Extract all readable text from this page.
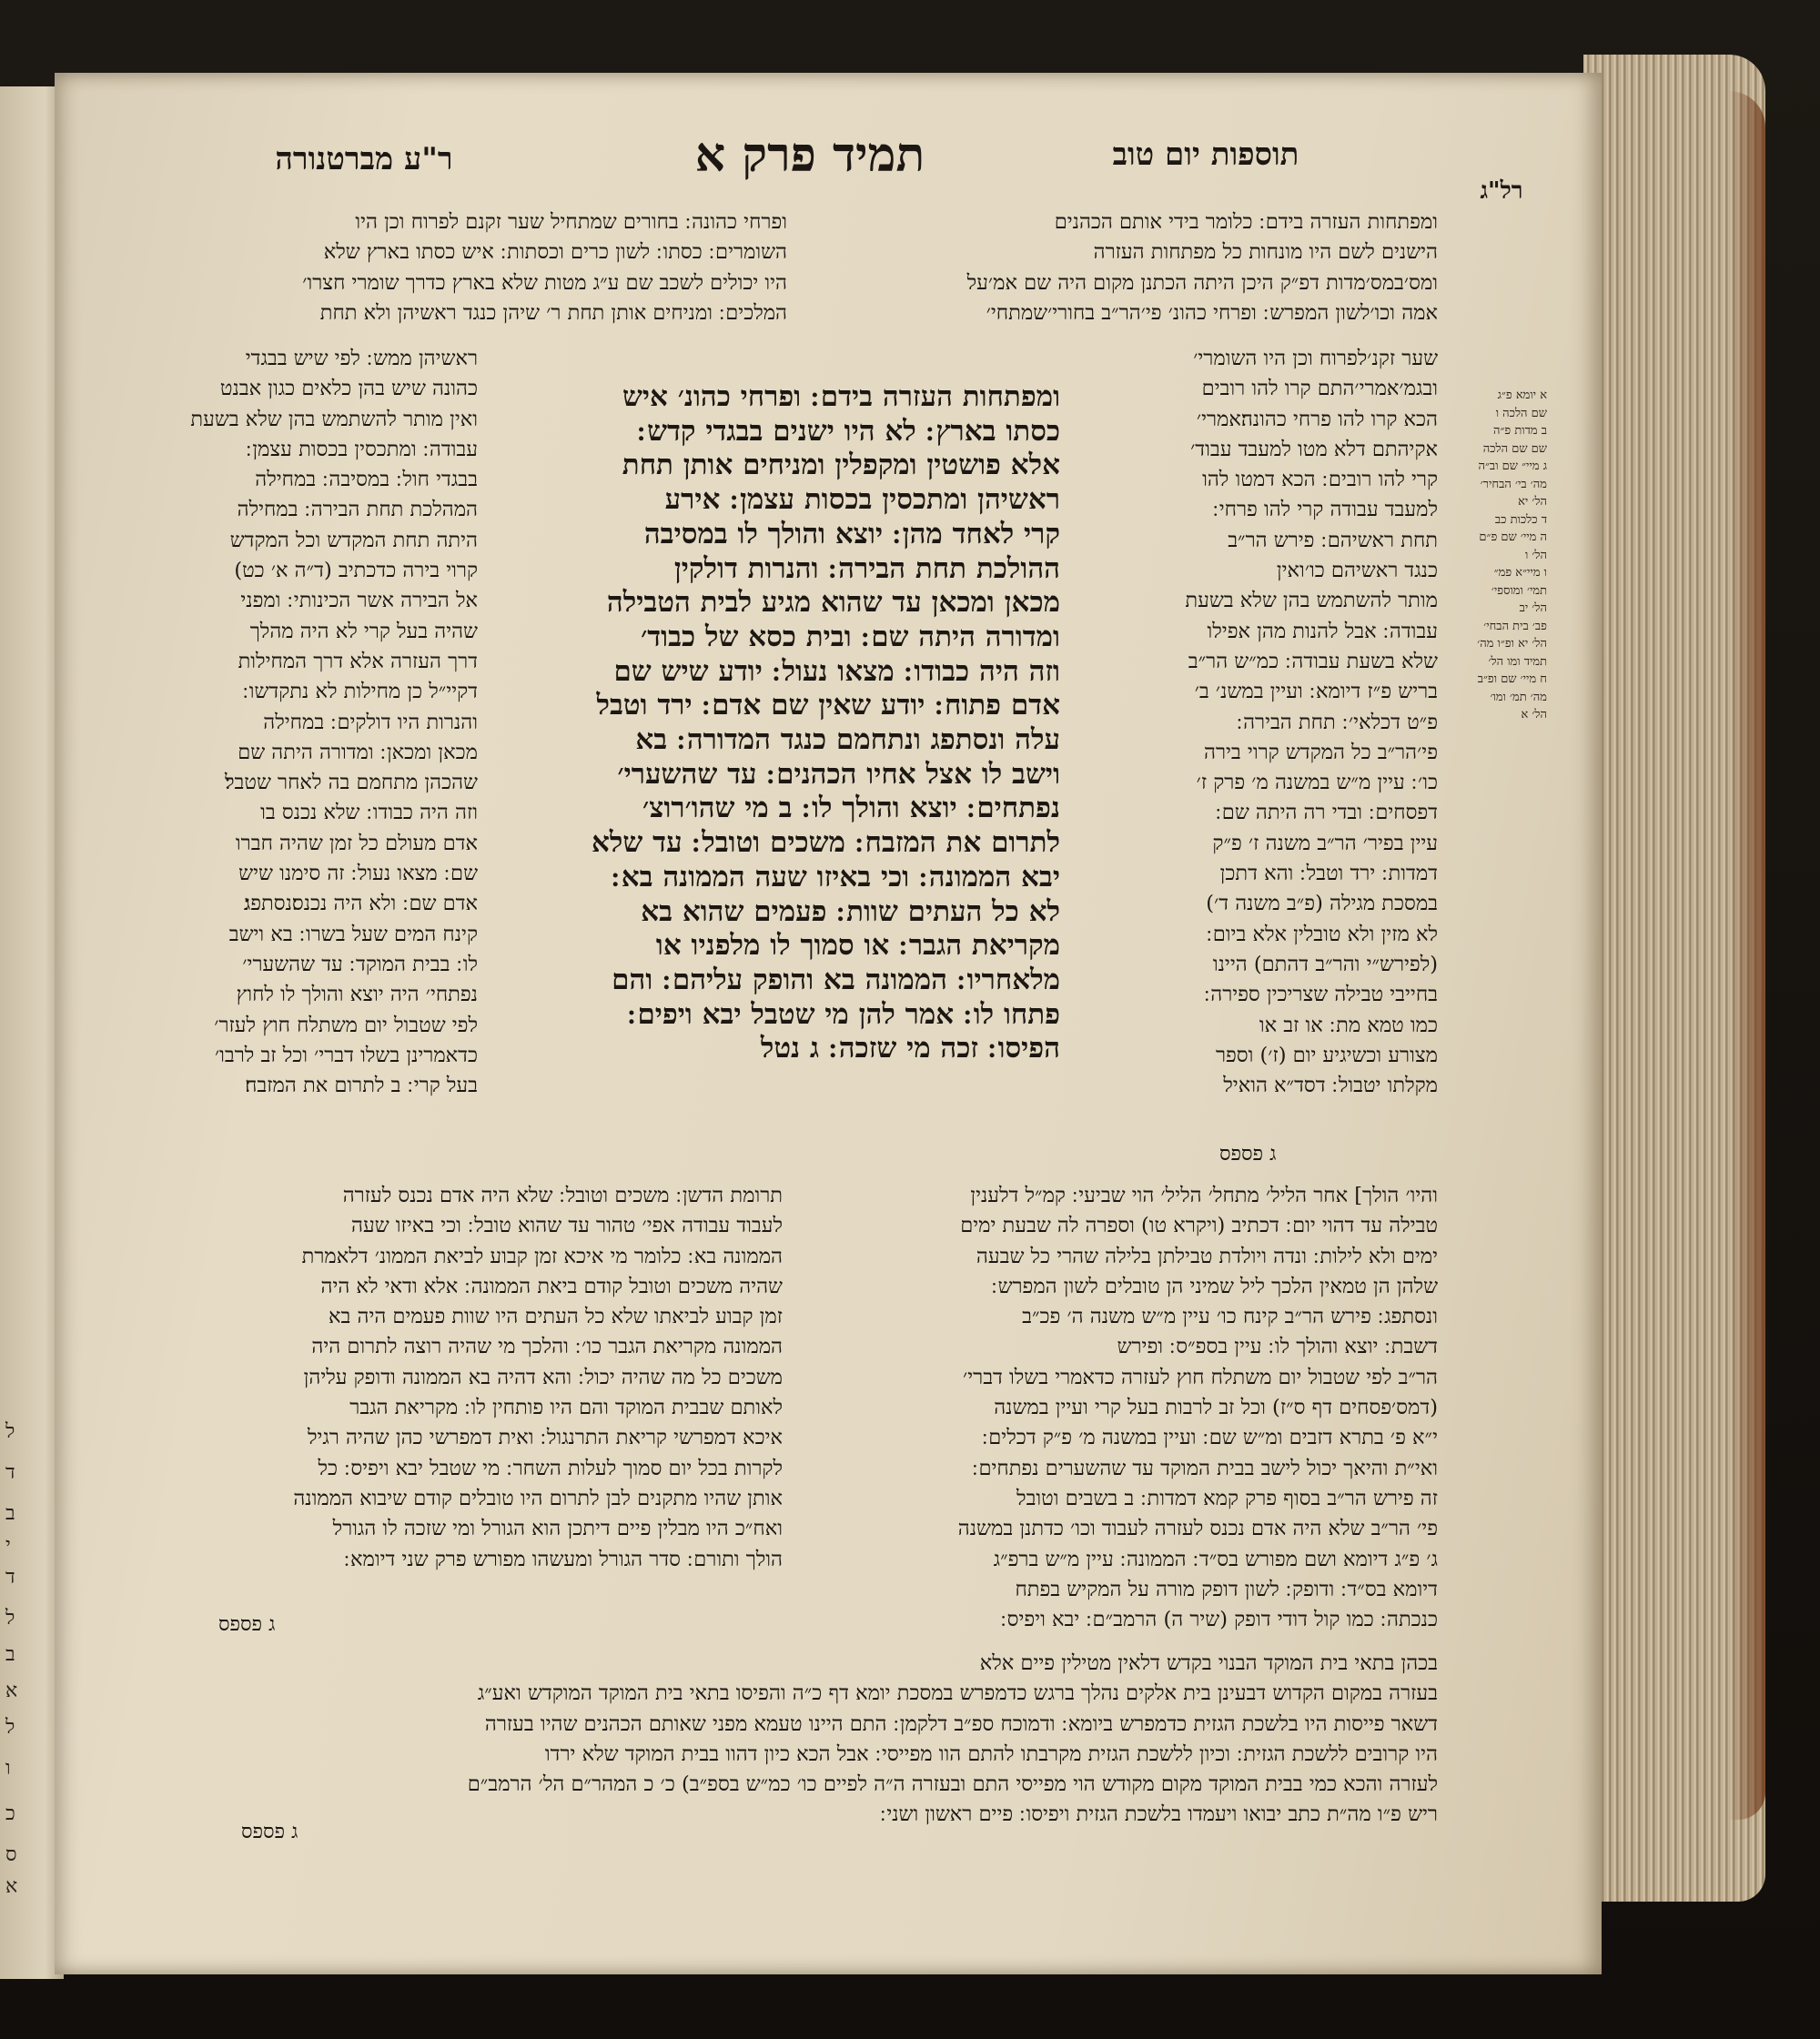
ל
ד
ב
י
ד
ל
ב
א
ל
ו
כ
ס
א
תוספות יום טוב
תמיד פרק א
ר"ע מברטנורה
רל"ג
ומפתחות העזרה בידם ׃ כלומר בידי אותם הכהנים
הישנים לשם היו מונחות כל מפתחות העזרה
ומס׳במס׳מדות דפ״ק היכן היתה הכתנן מקום היה שם אמ׳על
אמה וכו׳לשון המפרש ׃ ופרחי כהונ׳ פי׳הר״ב בחורי׳שמתחי׳
ופרחי כהונה ׃ בחורים שמתחיל שער זקנם לפרוח וכן היו
השומרים ׃ כסתו ׃ לשון כרים וכסתות ׃ איש כסתו בארץ שלא
היו יכולים לשכב שם ע״ג מטות שלא בארץ כדרך שומרי חצרו׳
המלכים ׃ ומניחים אותן תחת ר׳ שיהן כנגד ראשיהן ולא תחת
שער זקנ׳לפרוח וכן היו השומרי׳
ובגמ׳אמרי׳התם קרו להו רובים
הכא קרו להו פרחי כהונה׃אמרי׳
אקיהתם דלא מטו למעבד עבוד׳
קרי להו רובים ׃ הכא דמטו להו
למעבד עבודה קרי להו פרחי ׃
תחת ראשיהם ׃ פירש הר״ב
כנגד ראשיהם כו׳ואין
מותר להשתמש בהן שלא בשעת
עבודה ׃ אבל להנות מהן אפילו
שלא בשעת עבודה ׃ כמ״ש הר״ב
בריש פ״ז דיומא ׃ ועיין במשנ׳ ב׳
פ״ט דכלאי׳ ׃ תחת הבירה ׃
פי׳הר״ב כל המקדש קרוי בירה
כו׳ ׃ עיין מ״ש במשנה מ׳ פרק ז׳
דפסחים ׃ ובדי רה היתה שם ׃
עיין בפיר׳ הר״ב משנה ז׳ פ״ק
דמדות ׃ ירד וטבל ׃ והא דתכן
במסכת מגילה (פ״ב משנה ד׳)
לא מזין ולא טובלין אלא ביום ׃
(לפירש״י והר״ב דהתם) היינו
בחייבי טבילה שצריכין ספירה ׃
כמו טמא מת ׃ או זב או
מצורע וכשיגיע יום (ז׳) וספר
מקלתו יטבול ׃ דסד״א הואיל
א יומא פ״ג
שם הלכה ו
ב מדות פ״ה
שם שם הלכה
ג מיי״ שם וב״ה
מה׳ בי׳ הבחיר׳
הל׳ יא
ד כלכות כב
ה מיי׳ שם פ״ם
הל׳ ו
ו מיי״א פמ״
תמי׳ ומוספי׳
הל׳ יב
פב׳ בית הבחי׳
הל׳ יא ופ״ו מה׳
תמיד ומו הל׳
ח מיי׳ שם ופ״ב
מה׳ תמ׳ ומו׳
הל׳ א
ומפתחות העזרה בידם ׃ ופרחי כהונ׳ איש
כסתו בארץ ׃ לא היו ישנים בבגדי קדש ׃
אלא פושטין ומקפלין ומניחים אותן תחת
ראשיהן ומתכסין בכסות עצמן ׃ אירע
קרי לאחד מהן ׃ יוצא והולך לו במסיבה
ההולכת תחת הבירה ׃ והנרות דולקין
מכאן ומכאן עד שהוא מגיע לבית הטבילה
ומדורה היתה שם ׃ ובית כסא של כבוד׳
וזה היה כבודו ׃ מצאו נעול ׃ יודע שיש שם
אדם פתוח ׃ יודע שאין שם אדם ׃ ירד וטבל
עלה ונסתפג ונתחמם כנגד המדורה ׃ בא
וישב לו אצל אחיו הכהנים ׃ עד שהשערי׳
נפתחים ׃ יוצא והולך לו ׃ ב מי שהו׳רוצ׳
לתרום את המזבח ׃ משכים וטובל ׃ עד שלא
יבא הממונה ׃ וכי באיזו שעה הממונה בא ׃
לא כל העתים שוות ׃ פעמים שהוא בא
מקריאת הגבר ׃ או סמוך לו מלפניו או
מלאחריו ׃ הממונה בא והופק עליהם ׃ והם
פתחו לו ׃ אמר להן מי שטבל יבא ויפים ׃
הפיסו ׃ זכה מי שזכה ׃ ג נטל
ראשיהן ממש ׃ לפי שיש בבגדי
כהונה שיש בהן כלאים כגון אבנט
ואין מותר להשתמש בהן שלא בשעת
עבודה ׃ ומתכסין בכסות עצמן ׃
בבגדי חול ׃ במסיבה ׃ במחילה
המהלכת תחת הבירה ׃ במחילה
היתה תחת המקדש וכל המקדש
קרוי בירה כדכתיב (ד״ה א׳ כט)
אל הבירה אשר הכינותי ׃ ומפני
שהיה בעל קרי לא היה מהלך
דרך העזרה אלא דרך המחילות
דקיי״ל כן מחילות לא נתקדשו ׃
והנרות היו דולקים ׃ במחילה
מכאן ומכאן ׃ ומדורה היתה שם
שהכהן מתחמם בה לאחר שטבל׃
וזה היה כבודו ׃ שלא נכנס בו
אדם מעולם כל זמן שהיה חברו
שם ׃ מצאו נעול ׃ זה סימנו שיש
אדם שם ׃ ולא היה נכנס׃נסתפג׃
קינח המים שעל בשרו ׃ בא וישב
לו ׃ בבית המוקד ׃ עד שהשערי׳
נפתחי׳ היה יוצא והולך לו לחוץ
לפי שטבול יום משתלח חוץ לעזר׳
כדאמרינן בשלו דברי׳ וכל זב לרבו׳
בעל קרי ׃ ב לתרום את המזבח׃
תרומת הדשן ׃ משכים וטובל ׃ שלא היה אדם נכנס לעזרה
לעבוד עבודה אפי׳ טהור עד שהוא טובל ׃ וכי באיזו שעה
הממונה בא ׃ כלומר מי איכא זמן קבוע לביאת הממונ׳ דלאמרת
שהיה משכים וטובל קודם ביאת הממונה ׃ אלא ודאי לא היה
זמן קבוע לביאתו שלא כל העתים היו שוות פעמים היה בא
הממונה מקריאת הגבר כו׳ ׃ והלכך מי שהיה רוצה לתרום היה
משכים כל מה שהיה יכול ׃ והא דהיה בא הממונה ודופק עליהן
לאותם שבבית המוקד והם היו פותחין לו ׃ מקריאת הגבר
איכא דמפרשי קריאת התרנגול ׃ ואית דמפרשי כהן שהיה רגיל
לקרות בכל יום סמוך לעלות השחר ׃ מי שטבל יבא ויפיס ׃ כל
אותן שהיו מתקנים לבן לתרום היו טובלים קודם שיבוא הממונה
ואח״כ היו מבלין פיים דיתכן הוא הגורל ומי שזכה לו הגורל
הולך ותורם ׃ סדר הגורל ומעשהו מפורש פרק שני דיומא ׃
ג פספס
והיו׳ הולך] אחר הליל׳ מתחל׳ הליל׳ הוי שביעי ׃ קמ״ל דלענין
טבילה עד דהוי יום ׃ דכתיב (ויקרא טו) וספרה לה שבעת ימים
ימים ולא לילות ׃ ונדה ויולדת טבילתן בלילה שהרי כל שבעה
שלהן הן טמאין הלכך ליל שמיני הן טובלים לשון המפרש ׃
ונסתפג ׃ פירש הר״ב קינח כו׳ עיין מ״ש משנה ה׳ פכ״ב
דשבת ׃ יוצא והולך לו ׃ עיין בספ״ס ׃ ופירש
הר״ב לפי שטבול יום משתלח חוץ לעזרה כדאמרי בשלו דברי׳
(דמס׳פסחים דף ס״ז) וכל זב לרבות בעל קרי ועיין במשנה
י״א פ׳ בתרא דזבים ומ״ש שם ׃ ועיין במשנה מ׳ פ״ק דכלים ׃
ואי״ת והיאך יכול לישב בבית המוקד עד שהשערים נפתחים ׃
זה פירש הר״ב בסוף פרק קמא דמדות ׃ ב בשבים וטובל
פי׳ הר״ב שלא היה אדם נכנס לעזרה לעבוד וכו׳ כדתנן במשנה
ג׳ פ״ג דיומא ושם מפורש בס״ד ׃ הממונה ׃ עיין מ״ש ברפ״ג
דיומא בס״ד ׃ ודופק ׃ לשון דופק מורה על המקיש בפתח
כנכתה ׃ כמו קול דודי דופק (שיר ה) הרמב״ם ׃ יבא ויפיס ׃
בכהן בתאי בית המוקד הבנוי בקדש דלאין מטילין פיים אלא
בעזרה במקום הקדוש דבעינן בית אלקים נהלך ברגש כדמפרש במסכת יומא דף כ״ה והפיסו בתאי בית המוקד המוקדש ואע״ג
דשאר פייסות היו בלשכת הגזית כדמפרש ביומא ׃ ודמוכח ספ״ב דלקמן ׃ התם היינו טעמא מפני שאותם הכהנים שהיו בעזרה
היו קרובים ללשכת הגזית ׃ וכיון ללשכת הגזית מקרבתו להתם הוו מפייסי ׃ אבל הכא כיון דהוו בבית המוקד שלא ירדו
לעזרה והכא כמי בבית המוקד מקום מקודש הוי מפייסי התם ובעזרה ה״ה לפיים כו׳ כמ״ש בספ״ב) כ׳ כ המהר״ם הל׳ הרמב״ם
ריש פ״ו מה״ת כתב יבואו ויעמדו בלשכת הגזית ויפיסו ׃ פיים ראשון ושני ׃
ג פספס
ג פספס
